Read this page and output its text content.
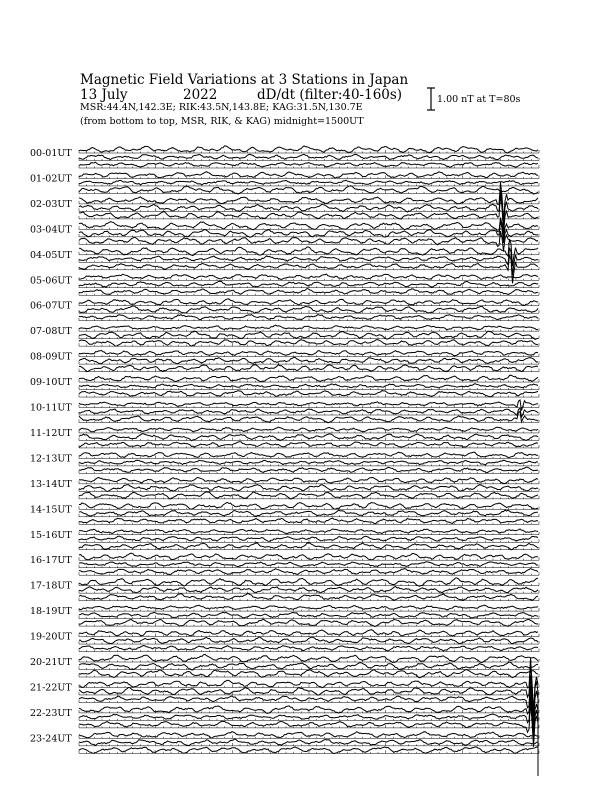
Magnetic Field Variations at 3 Stations in Japan
13 July	2022	dD/dt (filter:40-160s)
MSR:44.4N,142.3E; RIK:43.5N,143.8E; KAG:31.5N,130.7E
(from bottom to top, MSR, RIK, & KAG) midnight=1500UT
1.00 nT at T=80s
00-01UT
01-02UT
02-03UT
03-04UT
04-05UT
05-06UT
06-07UT
07-08UT
08-09UT
09-10UT
10-11UT
11-12UT
12-13UT
13-14UT
14-15UT
15-16UT
16-17UT
17-18UT
18-19UT
19-20UT
20-21UT
21-22UT
22-23UT
23-24UT
